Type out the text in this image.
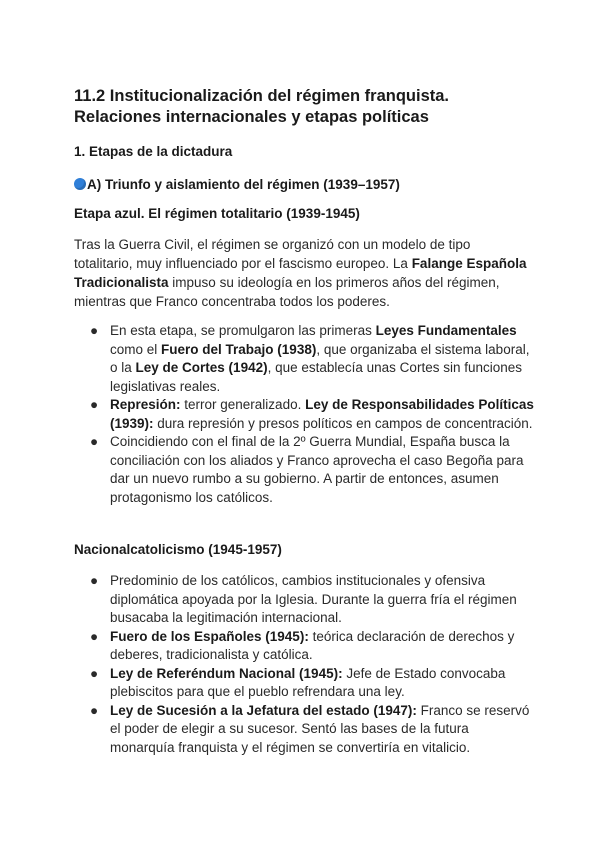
11.2 Institucionalización del régimen franquista.
Relaciones internacionales y etapas políticas
1. Etapas de la dictadura
A) Triunfo y aislamiento del régimen (1939–1957)
Etapa azul. El régimen totalitario (1939-1945)

Tras la Guerra Civil, el régimen se organizó con un modelo de tipo totalitario, muy influenciado por el fascismo europeo. La Falange Española Tradicionalista impuso su ideología en los primeros años del régimen, mientras que Franco concentraba todos los poderes.

● En esta etapa, se promulgaron las primeras Leyes Fundamentales como el Fuero del Trabajo (1938), que organizaba el sistema laboral, o la Ley de Cortes (1942), que establecía unas Cortes sin funciones legislativas reales.
● Represión: terror generalizado. Ley de Responsabilidades Políticas (1939): dura represión y presos políticos en campos de concentración.
● Coincidiendo con el final de la 2º Guerra Mundial, España busca la conciliación con los aliados y Franco aprovecha el caso Begoña para dar un nuevo rumbo a su gobierno. A partir de entonces, asumen protagonismo los católicos.
Nacionalcatolicismo (1945-1957)
● Predominio de los católicos, cambios institucionales y ofensiva diplomática apoyada por la Iglesia. Durante la guerra fría el régimen busacaba la legitimación internacional.
● Fuero de los Españoles (1945): teórica declaración de derechos y deberes, tradicionalista y católica.
● Ley de Referéndum Nacional (1945): Jefe de Estado convocaba plebiscitos para que el pueblo refrendara una ley.
● Ley de Sucesión a la Jefatura del estado (1947): Franco se reservó el poder de elegir a su sucesor. Sentó las bases de la futura monarquía franquista y el régimen se convertiría en vitalicio.
